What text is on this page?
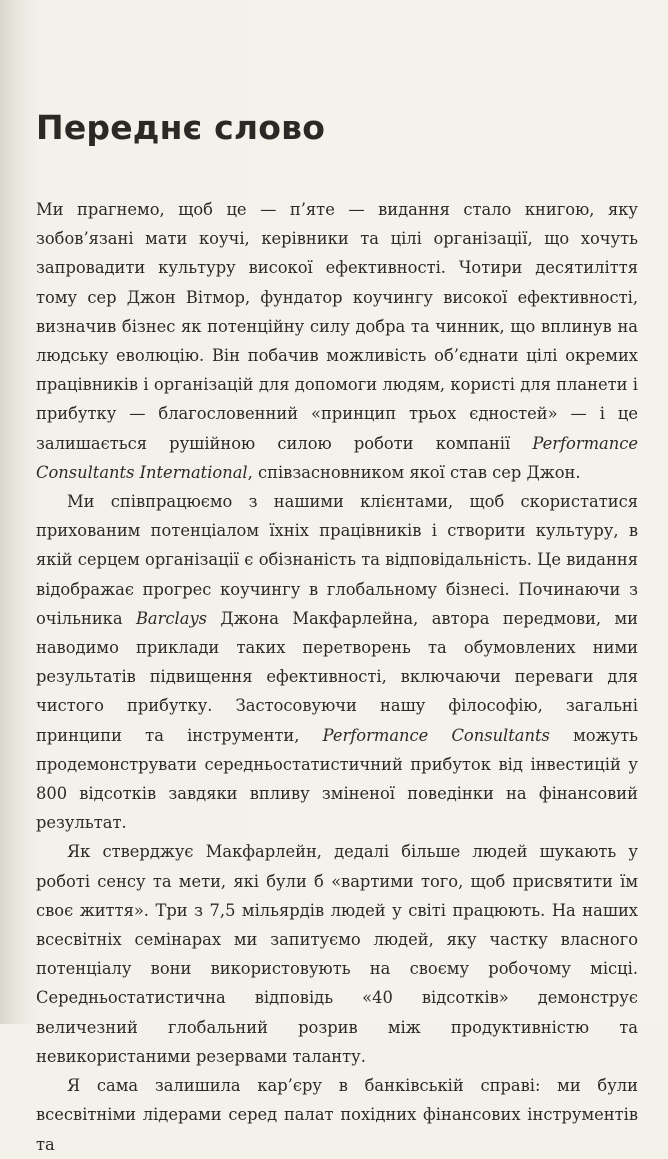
Переднє слово

Ми прагнемо, щоб це — п’яте — видання стало книгою, яку зобов’язані мати коучі, керівники та цілі організації, що хочуть запровадити культуру високої ефективності. Чотири десятиліття тому сер Джон Вітмор, фундатор коучингу високої ефективності, визначив бізнес як потенційну силу добра та чинник, що вплинув на людську еволюцію. Він побачив можливість об’єднати цілі окремих працівників і організацій для допомоги людям, користі для планети і прибутку — благословенний «принцип трьох єдностей» — і це залишається рушійною силою роботи компанії Performance Consultants International, співзасновником якої став сер Джон.

Ми співпрацюємо з нашими клієнтами, щоб скористатися прихованим потенціалом їхніх працівників і створити культуру, в якій серцем організації є обізнаність та відповідальність. Це видання відображає прогрес коучингу в глобальному бізнесі. Починаючи з очільника Barclays Джона Макфарлейна, автора передмови, ми наводимо приклади таких перетворень та обумовлених ними результатів підвищення ефективності, включаючи переваги для чистого прибутку. Застосовуючи нашу філософію, загальні принципи та інструменти, Performance Consultants можуть продемонструвати середньостатистичний прибуток від інвестицій у 800 відсотків завдяки впливу зміненої поведінки на фінансовий результат.

Як стверджує Макфарлейн, дедалі більше людей шукають у роботі сенсу та мети, які були б «вартими того, щоб присвятити їм своє життя». Три з 7,5 мільярдів людей у світі працюють. На наших всесвітніх семінарах ми запитуємо людей, яку частку власного потенціалу вони використовують на своєму робочому місці. Середньостатистична відповідь «40 відсотків» демонструє величезний глобальний розрив між продуктивністю та невикористаними резервами таланту.

Я сама залишила кар’єру в банківській справі: ми були всесвітніми лідерами серед палат похідних фінансових інструментів та
